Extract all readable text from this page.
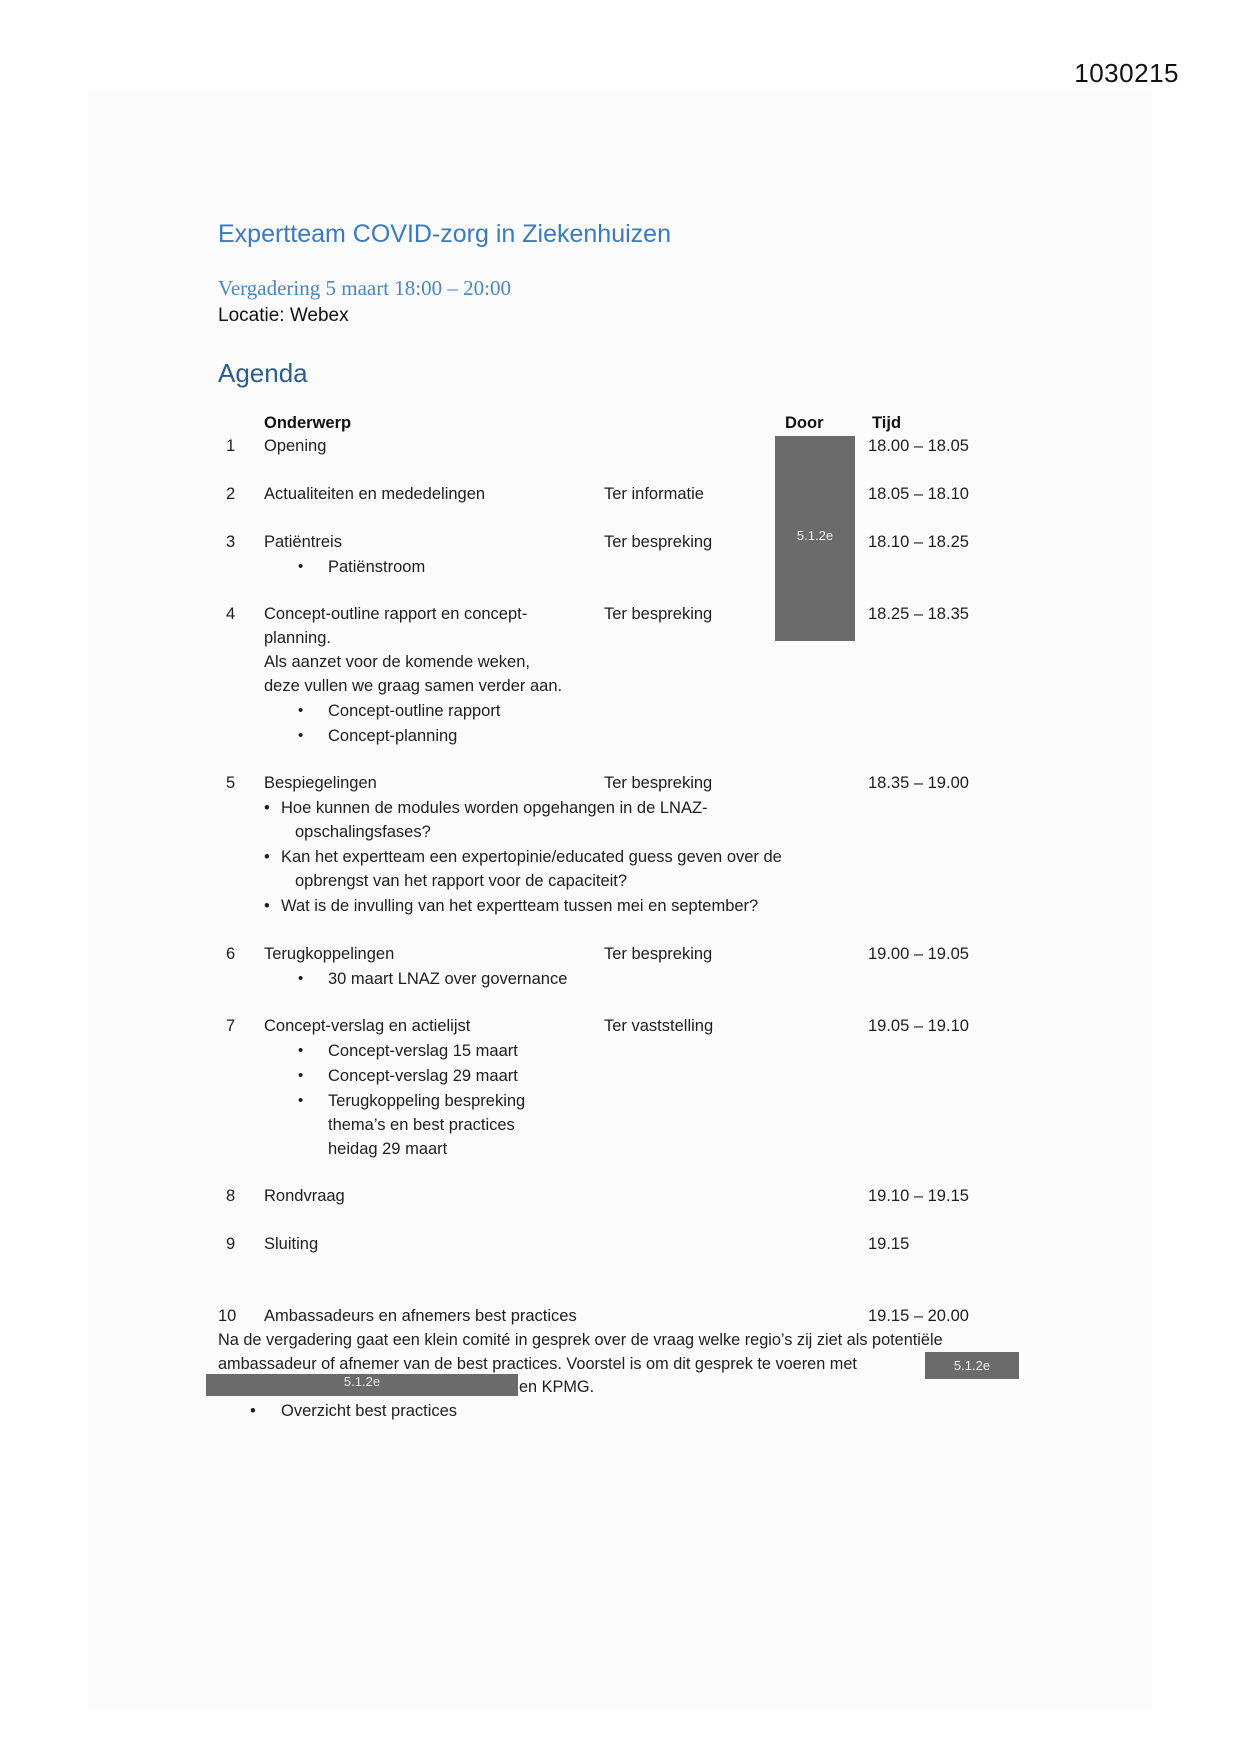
1030215
Expertteam COVID-zorg in Ziekenhuizen
Vergadering 5 maart 18:00 – 20:00
Locatie: Webex
Agenda
Onderwerp	Door	Tijd
5.1.2e
1	Opening	18.00 – 18.05
2	Actualiteiten en mededelingen	Ter informatie	18.05 – 18.10
3	Patiëntreis	Ter bespreking	18.10 – 18.25
• Patiënstroom
4	Concept-outline rapport en concept-
planning.
Als aanzet voor de komende weken,
deze vullen we graag samen verder aan.
Ter bespreking	18.25 – 18.35
• Concept-outline rapport
• Concept-planning
5	Bespiegelingen	Ter bespreking	18.35 – 19.00
• Hoe kunnen de modules worden opgehangen in de LNAZ-
opschalingsfases?
• Kan het expertteam een expertopinie/educated guess geven over de
opbrengst van het rapport voor de capaciteit?
• Wat is de invulling van het expertteam tussen mei en september?
6	Terugkoppelingen	Ter bespreking	19.00 – 19.05
• 30 maart LNAZ over governance
7	Concept-verslag en actielijst	Ter vaststelling	19.05 – 19.10
• Concept-verslag 15 maart
• Concept-verslag 29 maart
• Terugkoppeling bespreking
thema’s en best practices
heidag 29 maart
8	Rondvraag	19.10 – 19.15
9	Sluiting	19.15
10	Ambassadeurs en afnemers best practices	19.15 – 20.00
Na de vergadering gaat een klein comité in gesprek over de vraag welke regio’s zij ziet als potentiële
ambassadeur of afnemer van de best practices. Voorstel is om dit gesprek te voeren met	5.1.2e
5.1.2e	en KPMG.
• Overzicht best practices
